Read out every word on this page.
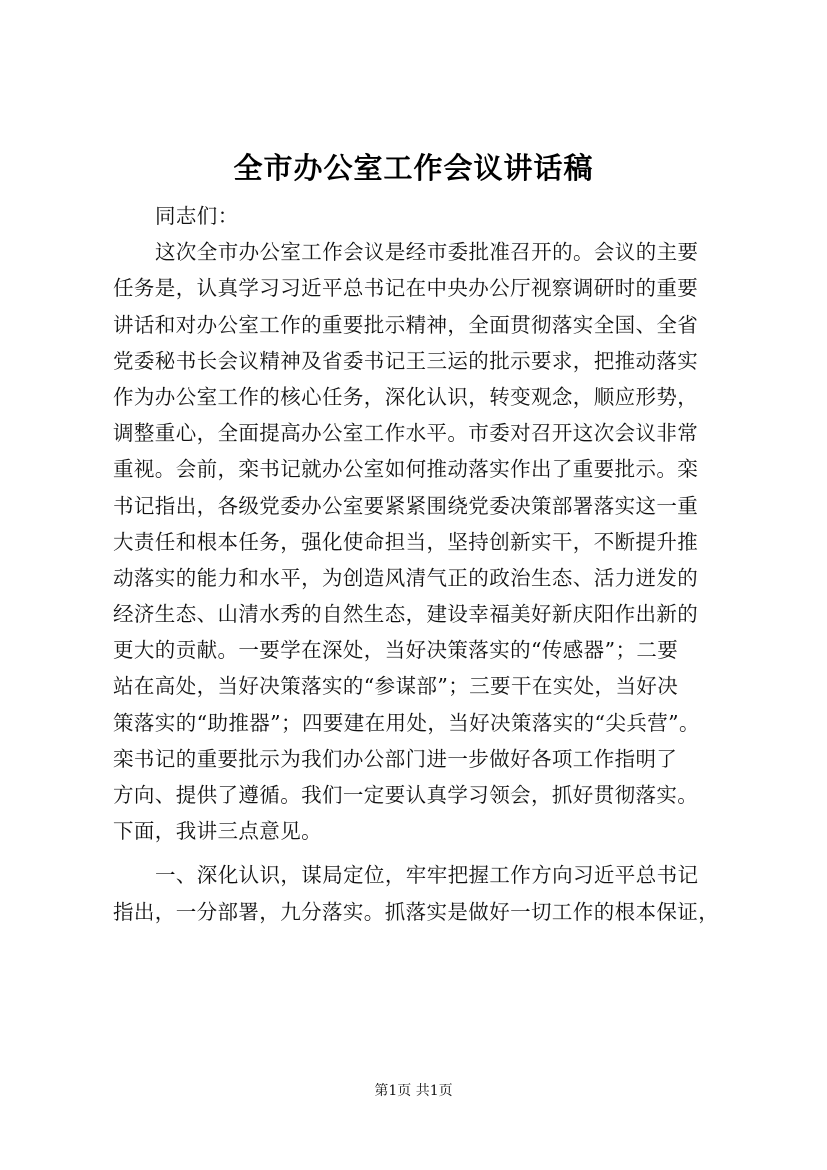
全市办公室工作会议讲话稿
同志们：
这次全市办公室工作会议是经市委批准召开的。会议的主要
任务是，认真学习习近平总书记在中央办公厅视察调研时的重要
讲话和对办公室工作的重要批示精神，全面贯彻落实全国、全省
党委秘书长会议精神及省委书记王三运的批示要求，把推动落实
作为办公室工作的核心任务，深化认识，转变观念，顺应形势，
调整重心，全面提高办公室工作水平。市委对召开这次会议非常
重视。会前，栾书记就办公室如何推动落实作出了重要批示。栾
书记指出，各级党委办公室要紧紧围绕党委决策部署落实这一重
大责任和根本任务，强化使命担当，坚持创新实干，不断提升推
动落实的能力和水平，为创造风清气正的政治生态、活力迸发的
经济生态、山清水秀的自然生态，建设幸福美好新庆阳作出新的
更大的贡献。一要学在深处，当好决策落实的“传感器”；二要
站在高处，当好决策落实的“参谋部”；三要干在实处，当好决
策落实的“助推器”；四要建在用处，当好决策落实的“尖兵营”。
栾书记的重要批示为我们办公部门进一步做好各项工作指明了
方向、提供了遵循。我们一定要认真学习领会，抓好贯彻落实。
下面，我讲三点意见。
一、深化认识，谋局定位，牢牢把握工作方向习近平总书记
指出，一分部署，九分落实。抓落实是做好一切工作的根本保证，
第1页 共1页
